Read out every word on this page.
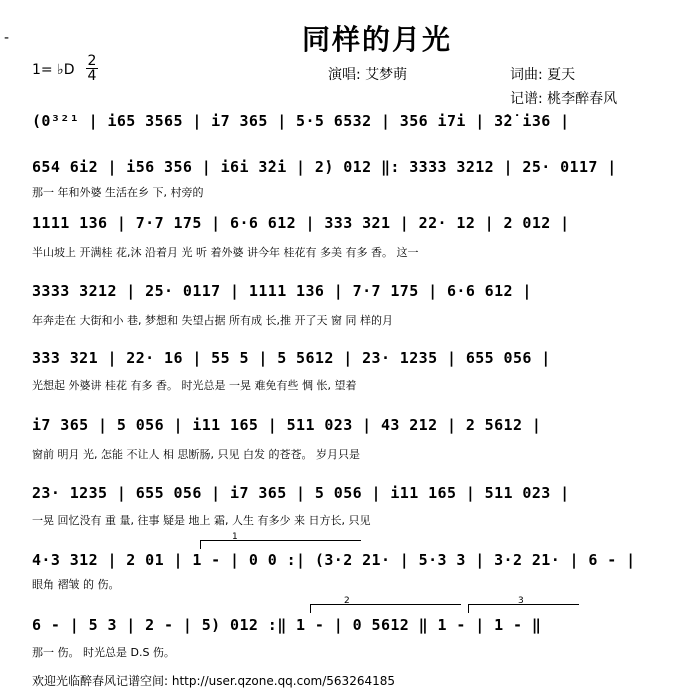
-	同样的月光
1= ♭D $\frac{2}{4}$	演唱: 艾梦萌	词曲: 夏天
记谱: 桃李醉春风
(0³²¹ | i65 3565 | i7 365 | 5·5 6532 | 356 i7i | 3̇2̇ i36 |
654 6i2 | i56 356 | i6i 3̇2̇i | 2̇) 012 ‖: 3333 3212 | 25· 0117 |
那一 年和外婆 生活在乡 下, 村旁的
1111 136 | 7·7 175 | 6·6 612 | 333 321 | 22· 12 | 2 012 |
半山坡上 开满桂 花,沐 沿着月 光 听 着外婆 讲今年 桂花有 多美 有多 香。 这一
3333 3212 | 25· 0117 | 1111 136 | 7·7 175 | 6·6 612 |
年奔走在 大街和小 巷, 梦想和 失望占据 所有成 长,推 开了天 窗 同 样的月
333 321 | 22· 16 | 55 5 | 5 5612 | 23· 1235 | 655 056 |
光想起 外婆讲 桂花 有多 香。 时光总是 一晃 难免有些 惆 怅, 望着
i7 365 | 5 056 | i11 165 | 511 023 | 43 212 | 2 5612 |
窗前 明月 光, 怎能 不让人 相 思断肠, 只见 白发 的苍苍。 岁月只是
23· 1235 | 655 056 | i7 365 | 5 056 | i11 165 | 511 023 |
一晃 回忆没有 重 量, 往事 疑是 地上 霜, 人生 有多少 来 日方长, 只见
4·3 312 | 2 01 | 1 - | 0 0 :| (3·2 21· | 5·3 3 | 3·2 21· | 6 - |
眼角 褶皱 的 伤。
6 - | 5 3 | 2 - | 5) 012 :‖ 1 - | 0 5612 ‖ 1 - | 1 - ‖
那一 伤。 时光总是 D.S 伤。
1
2	3
欢迎光临醉春风记谱空间: http://user.qzone.qq.com/563264185
